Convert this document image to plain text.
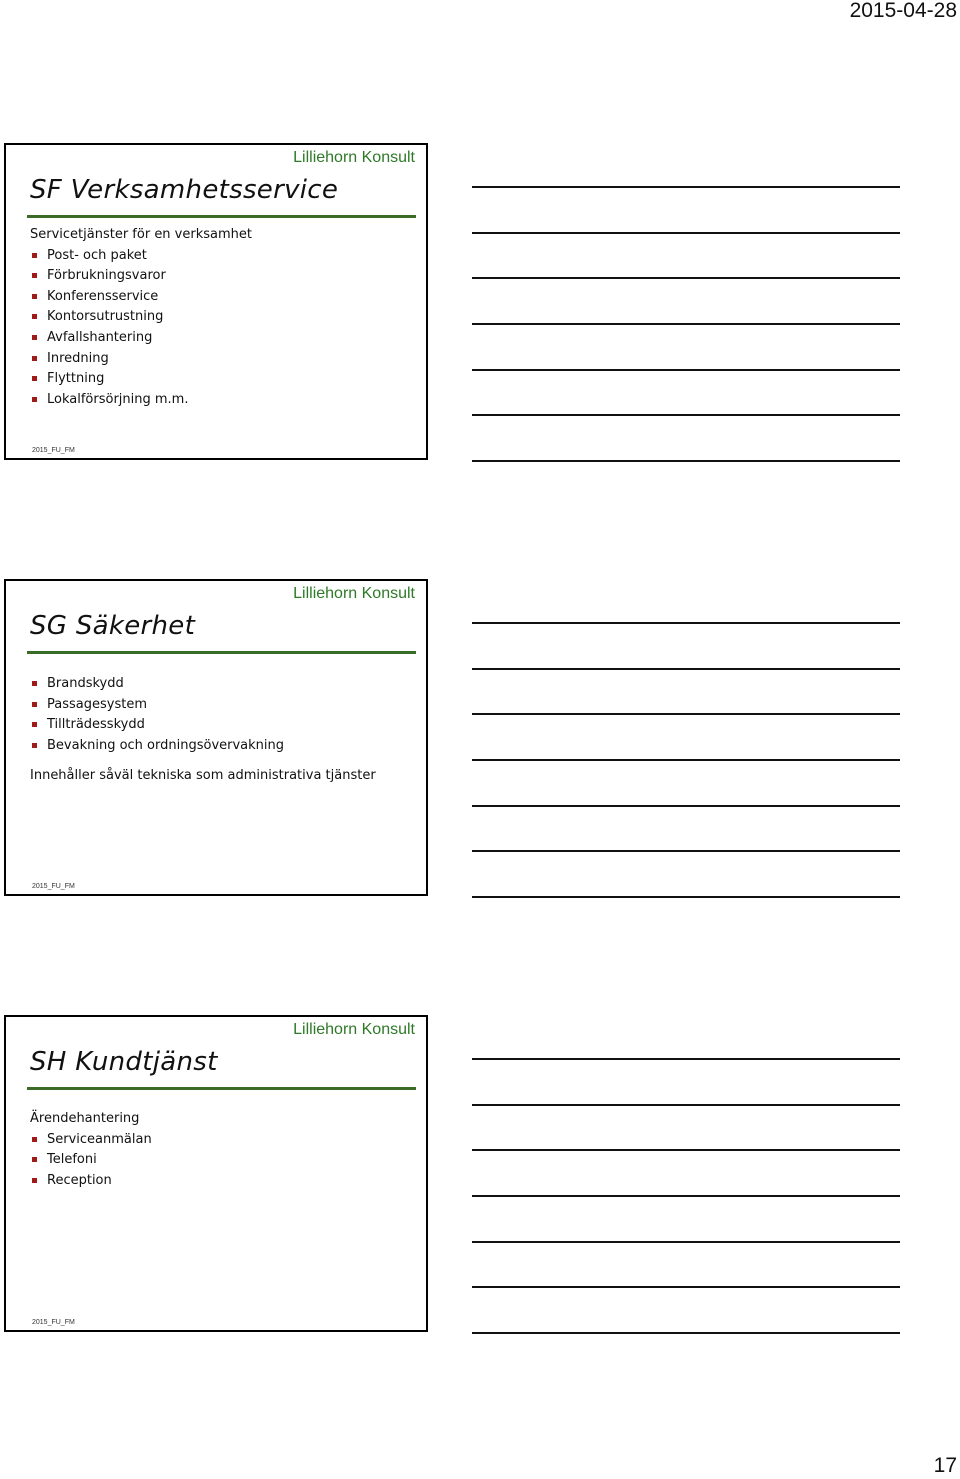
2015-04-28
Lilliehorn Konsult
SF Verksamhetsservice
Servicetjänster för en verksamhet
Post- och paket
Förbrukningsvaror
Konferensservice
Kontorsutrustning
Avfallshantering
Inredning
Flyttning
Lokalförsörjning m.m.
2015_FU_FM
Lilliehorn Konsult
SG Säkerhet
Brandskydd
Passagesystem
Tillträdesskydd
Bevakning och ordningsövervakning
Innehåller såväl tekniska som administrativa tjänster
2015_FU_FM
Lilliehorn Konsult
SH Kundtjänst
Ärendehantering
Serviceanmälan
Telefoni
Reception
2015_FU_FM
17
